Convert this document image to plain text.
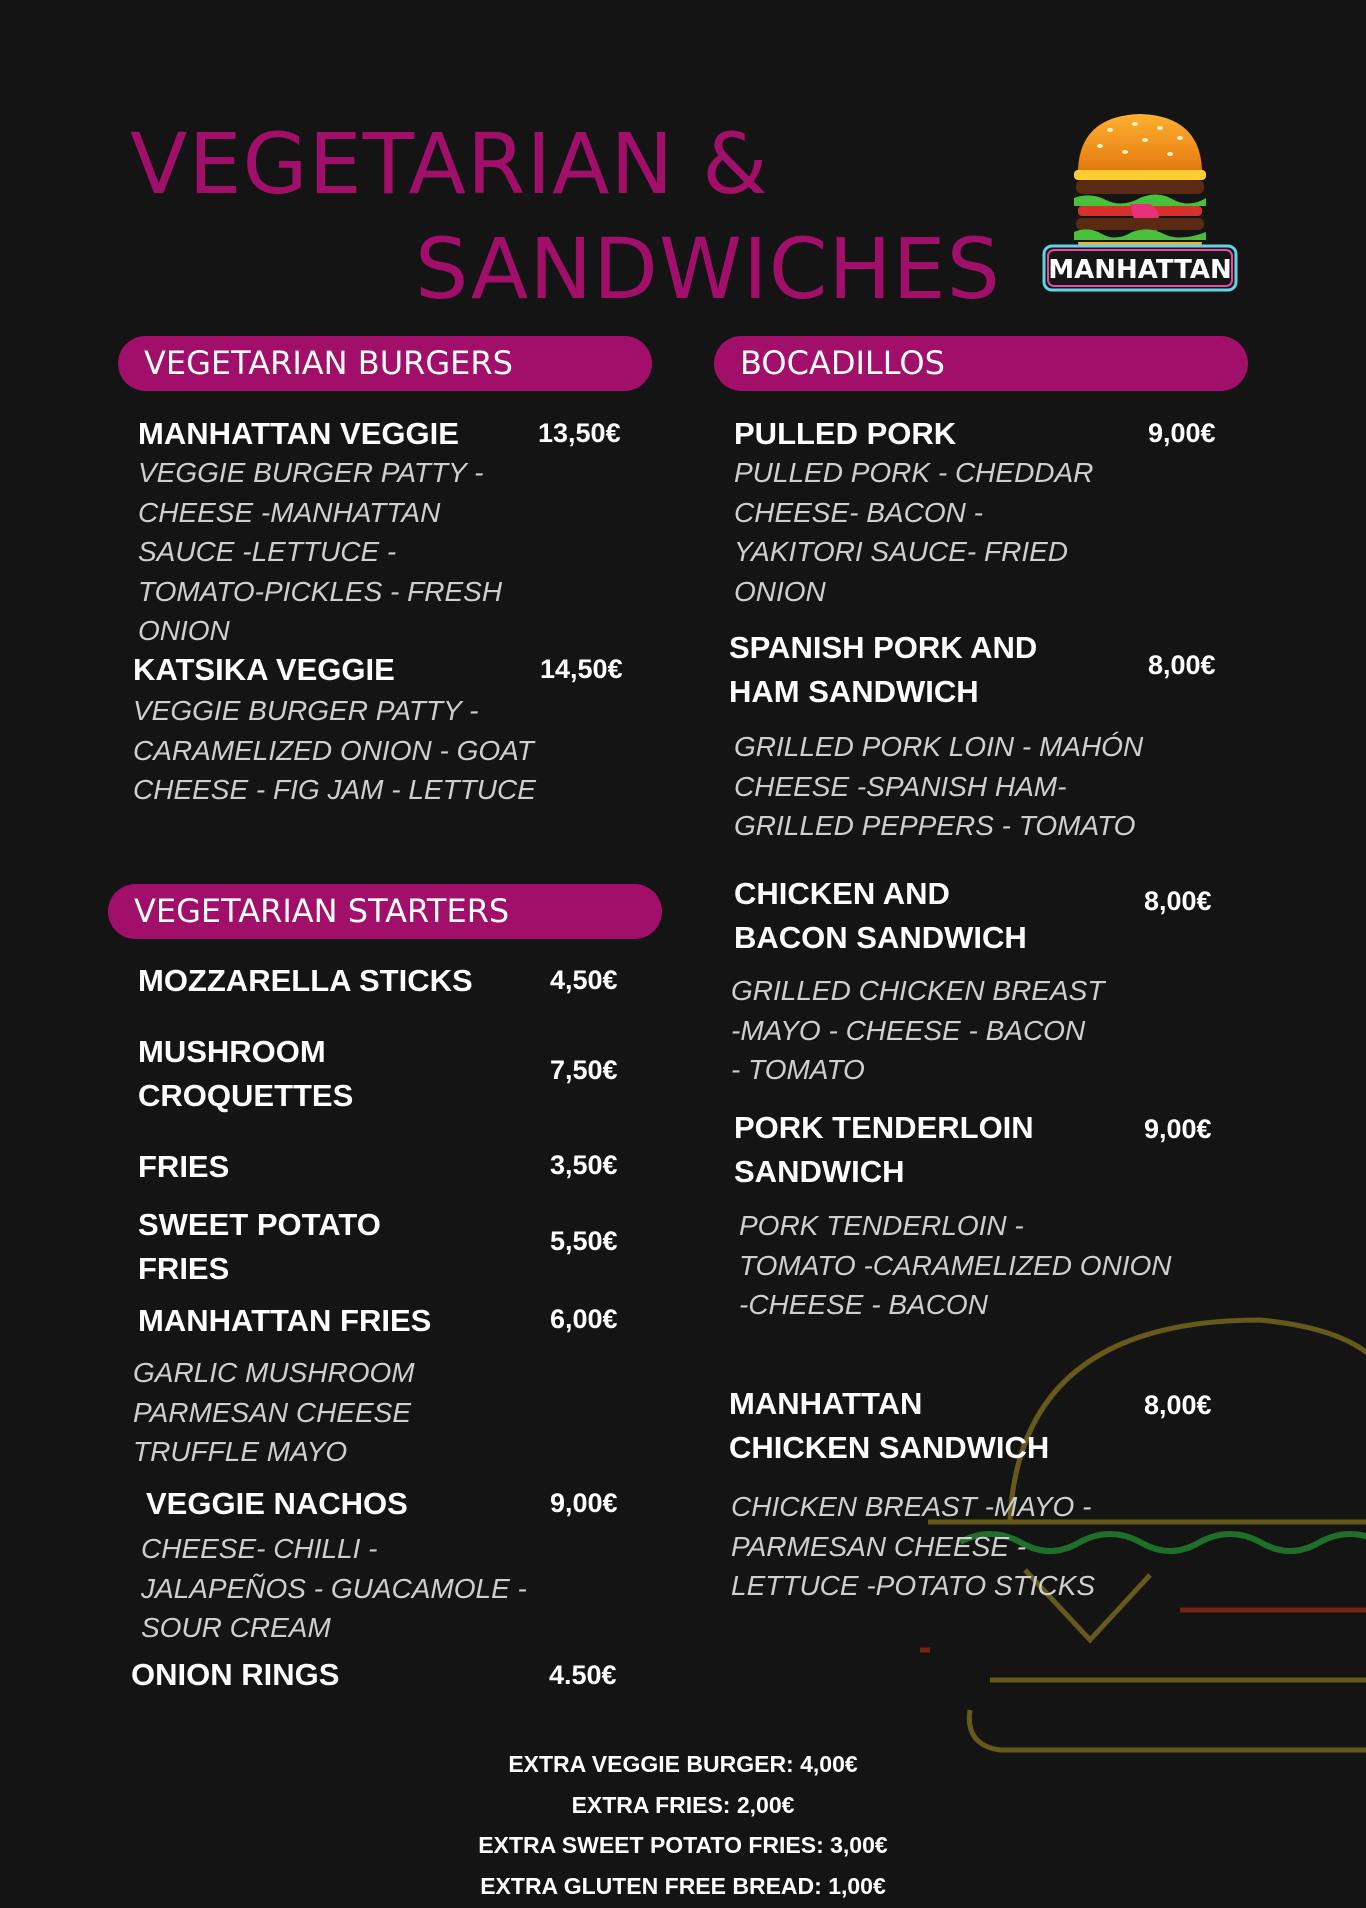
VEGETARIAN &
SANDWICHES MANHATTAN
VEGETARIAN BURGERS	BOCADILLOS
VEGETARIAN STARTERS
MANHATTAN VEGGIE	13,50€
VEGGIE BURGER PATTY -
CHEESE -MANHATTAN
SAUCE -LETTUCE -
TOMATO-PICKLES - FRESH
ONION
KATSIKA VEGGIE	14,50€
VEGGIE BURGER PATTY -
CARAMELIZED ONION - GOAT
CHEESE - FIG JAM - LETTUCE
MOZZARELLA STICKS	4,50€
MUSHROOM
CROQUETTES
7,50€
FRIES	3,50€
SWEET POTATO
FRIES
5,50€
MANHATTAN FRIES	6,00€
GARLIC MUSHROOM
PARMESAN CHEESE
TRUFFLE MAYO
VEGGIE NACHOS	9,00€
CHEESE- CHILLI -
JALAPEÑOS - GUACAMOLE -
SOUR CREAM
ONION RINGS	4.50€
PULLED PORK	9,00€
PULLED PORK - CHEDDAR
CHEESE- BACON -
YAKITORI SAUCE- FRIED
ONION
SPANISH PORK AND
HAM SANDWICH
8,00€
GRILLED PORK LOIN - MAHÓN
CHEESE -SPANISH HAM-
GRILLED PEPPERS - TOMATO
CHICKEN AND
BACON SANDWICH
8,00€
GRILLED CHICKEN BREAST
-MAYO - CHEESE - BACON
- TOMATO
PORK TENDERLOIN
SANDWICH
9,00€
PORK TENDERLOIN -
TOMATO -CARAMELIZED ONION
-CHEESE - BACON
MANHATTAN
CHICKEN SANDWICH
8,00€
CHICKEN BREAST -MAYO -
PARMESAN CHEESE -
LETTUCE -POTATO STICKS
EXTRA VEGGIE BURGER: 4,00€
EXTRA FRIES: 2,00€
EXTRA SWEET POTATO FRIES: 3,00€
EXTRA GLUTEN FREE BREAD: 1,00€
